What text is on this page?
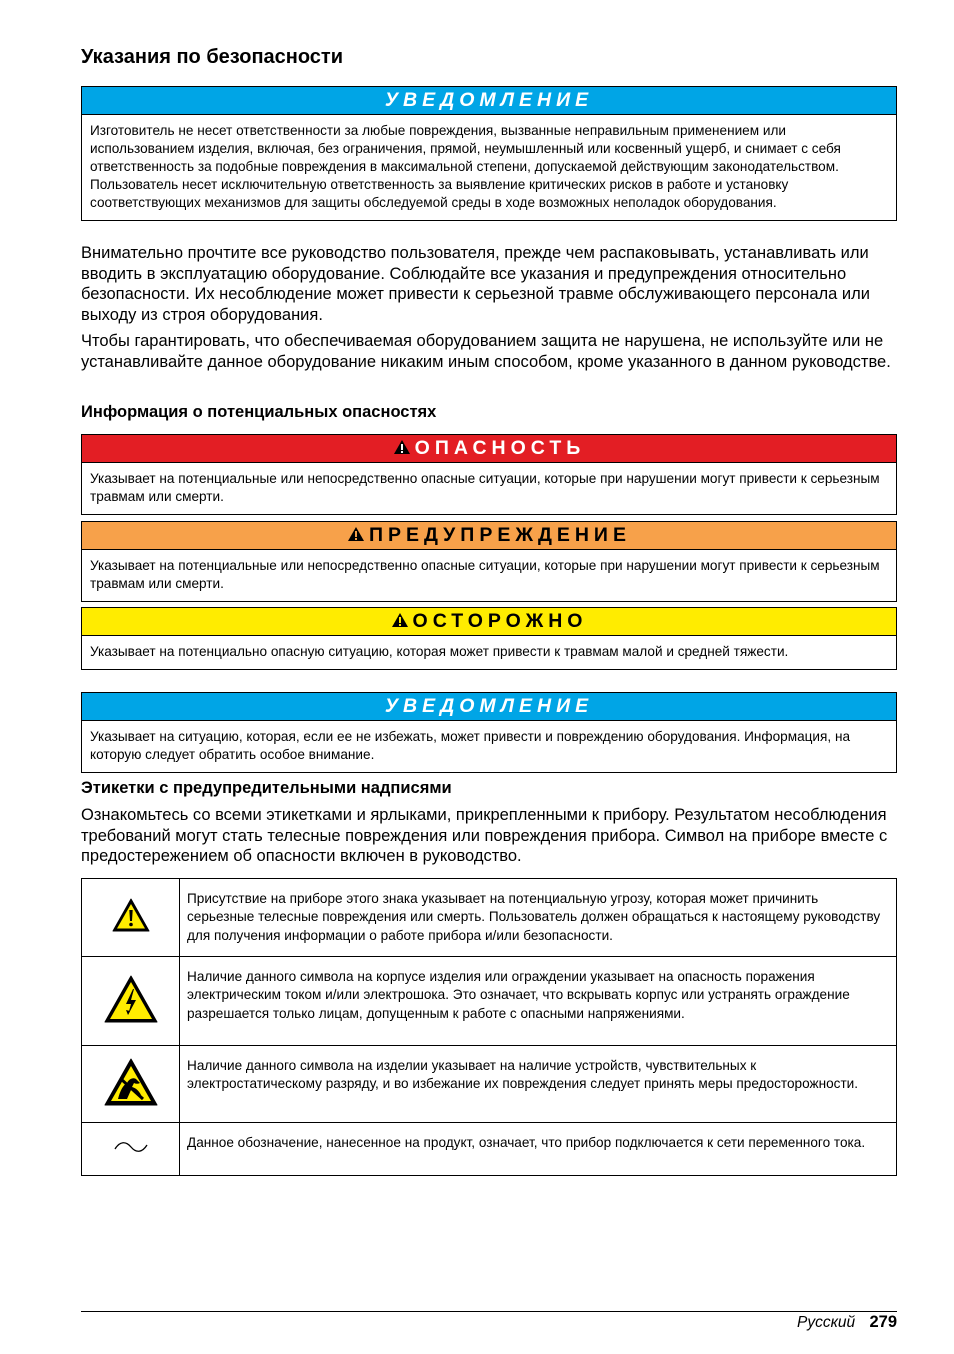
Указания по безопасности
УВЕДОМЛЕНИЕ
Изготовитель не несет ответственности за любые повреждения, вызванные неправильным применением или использованием изделия, включая, без ограничения, прямой, неумышленный или косвенный ущерб, и снимает с себя ответственность за подобные повреждения в максимальной степени, допускаемой действующим законодательством. Пользователь несет исключительную ответственность за выявление критических рисков в работе и установку соответствующих механизмов для защиты обследуемой среды в ходе возможных неполадок оборудования.

Внимательно прочтите все руководство пользователя, прежде чем распаковывать, устанавливать или вводить в эксплуатацию оборудование. Соблюдайте все указания и предупреждения относительно безопасности. Их несоблюдение может привести к серьезной травме обслуживающего персонала или выходу из строя оборудования.

Чтобы гарантировать, что обеспечиваемая оборудованием защита не нарушена, не используйте или не устанавливайте данное оборудование никаким иным способом, кроме указанного в данном руководстве.

Информация о потенциальных опасностях
ОПАСНОСТЬ
Указывает на потенциальные или непосредственно опасные ситуации, которые при нарушении могут привести к серьезным травмам или смерти.
ПРЕДУПРЕЖДЕНИЕ
Указывает на потенциальные или непосредственно опасные ситуации, которые при нарушении могут привести к серьезным травмам или смерти.
ОСТОРОЖНО
Указывает на потенциально опасную ситуацию, которая может привести к травмам малой и средней тяжести.
УВЕДОМЛЕНИЕ
Указывает на ситуацию, которая, если ее не избежать, может привести и повреждению оборудования. Информация, на которую следует обратить особое внимание.
Этикетки с предупредительными надписями

Ознакомьтесь со всеми этикетками и ярлыками, прикрепленными к прибору. Результатом несоблюдения требований могут стать телесные повреждения или повреждения прибора. Символ на приборе вместе с предостережением об опасности включен в руководство.

	Присутствие на приборе этого знака указывает на потенциальную угрозу, которая может причинить серьезные телесные повреждения или смерть. Пользователь должен обращаться к настоящему руководству для получения информации о работе прибора и/или безопасности.
	Наличие данного символа на корпусе изделия или ограждении указывает на опасность поражения электрическим током и/или электрошока. Это означает, что вскрывать корпус или устранять ограждение разрешается только лицам, допущенным к работе с опасными напряжениями.
	Наличие данного символа на изделии указывает на наличие устройств, чувствительных к электростатическому разряду, и во избежание их повреждения следует принять меры предосторожности.
	Данное обозначение, нанесенное на продукт, означает, что прибор подключается к сети переменного тока.
Русский 279
